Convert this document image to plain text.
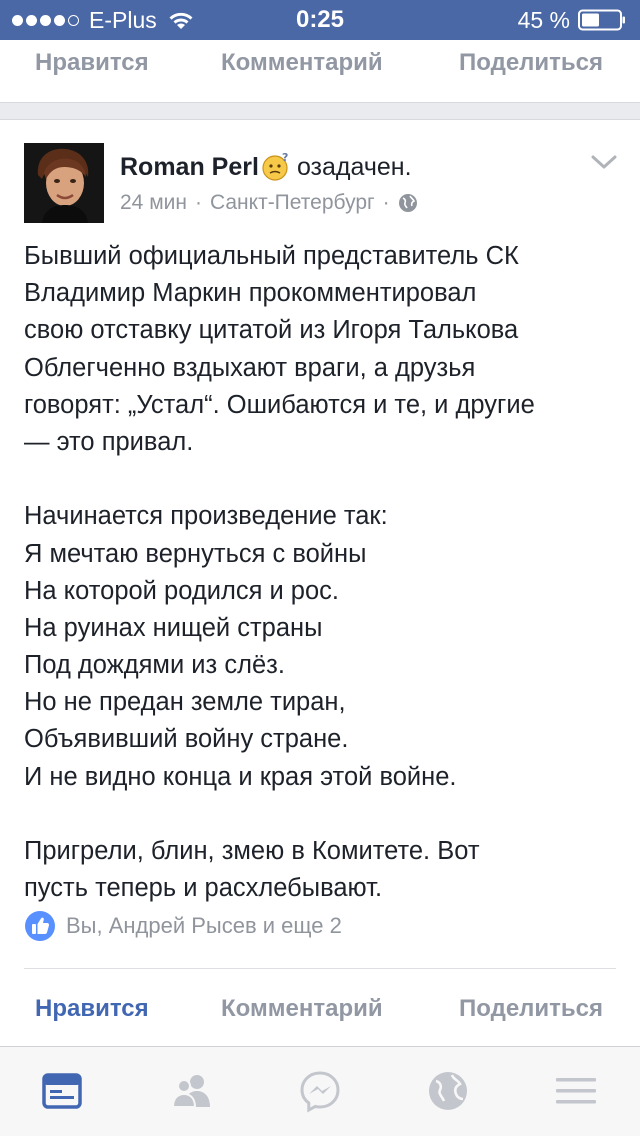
E-Plus	0:25	45 %
Нравится	Комментарий	Поделиться
Roman Perl ? озадачен.
24 мин · Санкт-Петербург ·
Бывший официальный представитель СК
Владимир Маркин прокомментировал
свою отставку цитатой из Игоря Талькова
Облегченно вздыхают враги, а друзья
говорят: „Устал“. Ошибаются и те, и другие
— это привал.
Начинается произведение так:
Я мечтаю вернуться с войны
На которой родился и рос.
На руинах нищей страны
Под дождями из слёз.
Но не предан земле тиран,
Объявивший войну стране.
И не видно конца и края этой войне.
Пригрели, блин, змею в Комитете. Вот
пусть теперь и расхлебывают.
Вы, Андрей Рысев и еще 2
Нравится	Комментарий	Поделиться
